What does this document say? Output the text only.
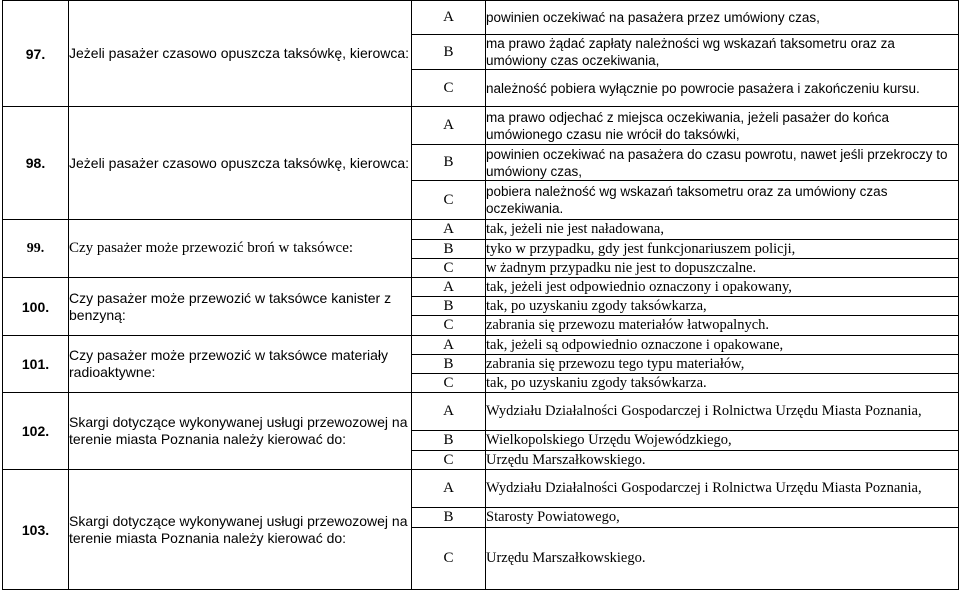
97.	Jeżeli pasażer czasowo opuszcza taksówkę, kierowca:	A	powinien oczekiwać na pasażera przez umówiony czas,
		B	ma prawo żądać zapłaty należności wg wskazań taksometru oraz za umówiony czas oczekiwania,
		C	należność pobiera wyłącznie po powrocie pasażera i zakończeniu kursu.
98.	Jeżeli pasażer czasowo opuszcza taksówkę, kierowca:	A	ma prawo odjechać z miejsca oczekiwania, jeżeli pasażer do końca umówionego czasu nie wrócił do taksówki,
		B	powinien oczekiwać na pasażera do czasu powrotu, nawet jeśli przekroczy to umówiony czas,
		C	pobiera należność wg wskazań taksometru oraz za umówiony czas oczekiwania.
99.	Czy pasażer może przewozić broń w taksówce:	A	tak, jeżeli nie jest naładowana,
		B	tyko w przypadku, gdy jest funkcjonariuszem policji,
		C	w żadnym przypadku nie jest to dopuszczalne.
100.	Czy pasażer może przewozić w taksówce kanister z benzyną:	A	tak, jeżeli jest odpowiednio oznaczony i opakowany,
		B	tak, po uzyskaniu zgody taksówkarza,
		C	zabrania się przewozu materiałów łatwopalnych.
101.	Czy pasażer może przewozić w taksówce materiały radioaktywne:	A	tak, jeżeli są odpowiednio oznaczone i opakowane,
		B	zabrania się przewozu tego typu materiałów,
		C	tak, po uzyskaniu zgody taksówkarza.
102.	Skargi dotyczące wykonywanej usługi przewozowej na terenie miasta Poznania należy kierować do:	A	Wydziału Działalności Gospodarczej i Rolnictwa Urzędu Miasta Poznania,
		B	Wielkopolskiego Urzędu Wojewódzkiego,
		C	Urzędu Marszałkowskiego.
103.	Skargi dotyczące wykonywanej usługi przewozowej na terenie miasta Poznania należy kierować do:	A	Wydziału Działalności Gospodarczej i Rolnictwa Urzędu Miasta Poznania,
		B	Starosty Powiatowego,
		C	Urzędu Marszałkowskiego.
